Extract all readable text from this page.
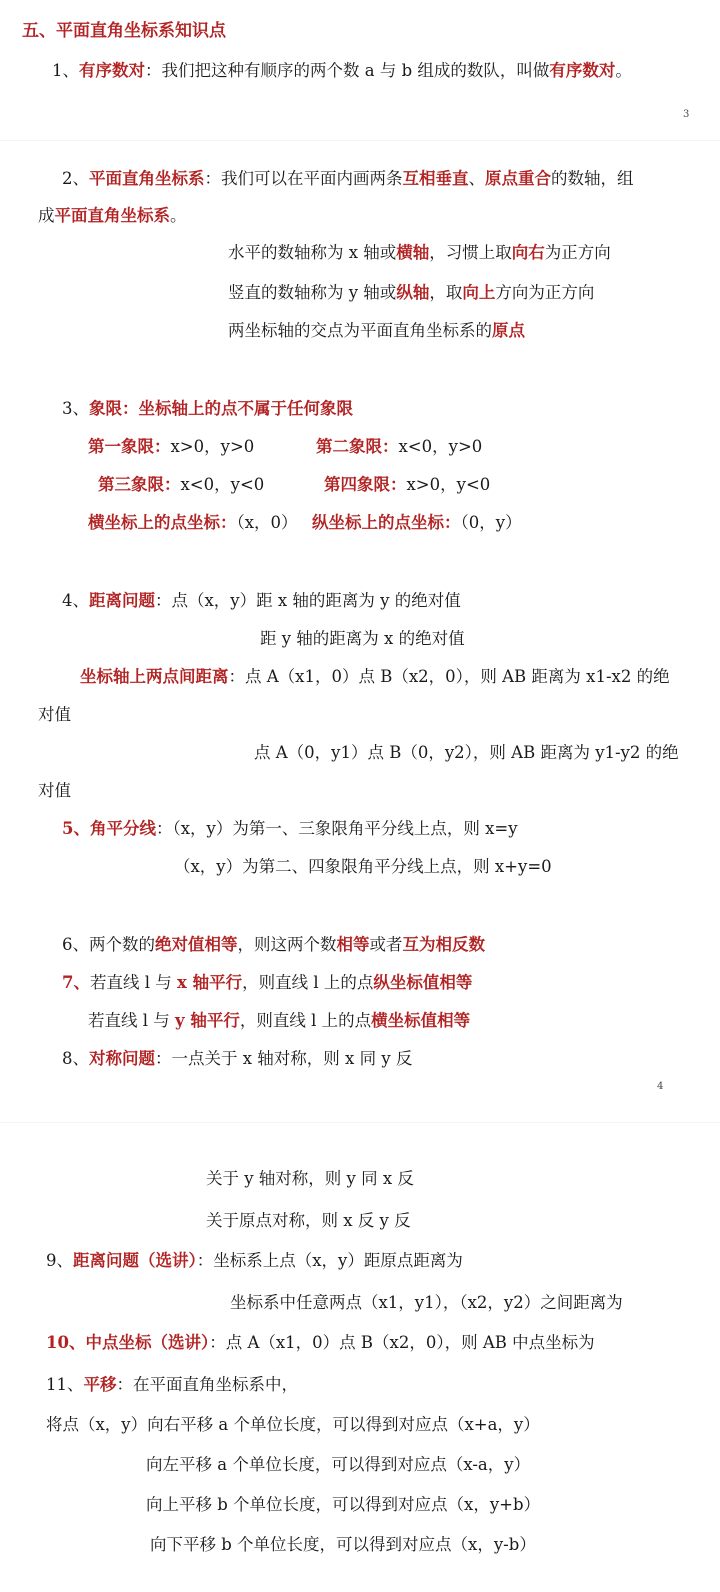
五、平面直角坐标系知识点
1、有序数对：我们把这种有顺序的两个数 a 与 b 组成的数队，叫做有序数对。
3
2、平面直角坐标系：我们可以在平面内画两条互相垂直、原点重合的数轴，组
成平面直角坐标系。
水平的数轴称为 x 轴或横轴，习惯上取向右为正方向
竖直的数轴称为 y 轴或纵轴，取向上方向为正方向
两坐标轴的交点为平面直角坐标系的原点
3、象限：坐标轴上的点不属于任何象限
第一象限：x>0，y>0	第二象限：x<0，y>0
第三象限：x<0，y<0	第四象限：x>0，y<0
横坐标上的点坐标：（x，0） 纵坐标上的点坐标：（0，y）
4、距离问题：点（x，y）距 x 轴的距离为 y 的绝对值
距 y 轴的距离为 x 的绝对值
坐标轴上两点间距离：点 A（x1，0）点 B（x2，0），则 AB 距离为 x1-x2 的绝
对值
点 A（0，y1）点 B（0，y2），则 AB 距离为 y1-y2 的绝
对值
5、角平分线：（x，y）为第一、三象限角平分线上点，则 x=y
（x，y）为第二、四象限角平分线上点，则 x+y=0
6、两个数的绝对值相等，则这两个数相等或者互为相反数
7、若直线 l 与 x 轴平行，则直线 l 上的点纵坐标值相等
若直线 l 与 y 轴平行，则直线 l 上的点横坐标值相等
8、对称问题：一点关于 x 轴对称，则 x 同 y 反
4
关于 y 轴对称，则 y 同 x 反
关于原点对称，则 x 反 y 反
9、距离问题（选讲）：坐标系上点（x，y）距原点距离为
坐标系中任意两点（x1，y1），（x2，y2）之间距离为
10、中点坐标（选讲）：点 A（x1，0）点 B（x2，0），则 AB 中点坐标为
11、平移：在平面直角坐标系中，
将点（x，y）向右平移 a 个单位长度，可以得到对应点（x+a，y）
向左平移 a 个单位长度，可以得到对应点（x-a，y）
向上平移 b 个单位长度，可以得到对应点（x，y+b）
向下平移 b 个单位长度，可以得到对应点（x，y-b）
